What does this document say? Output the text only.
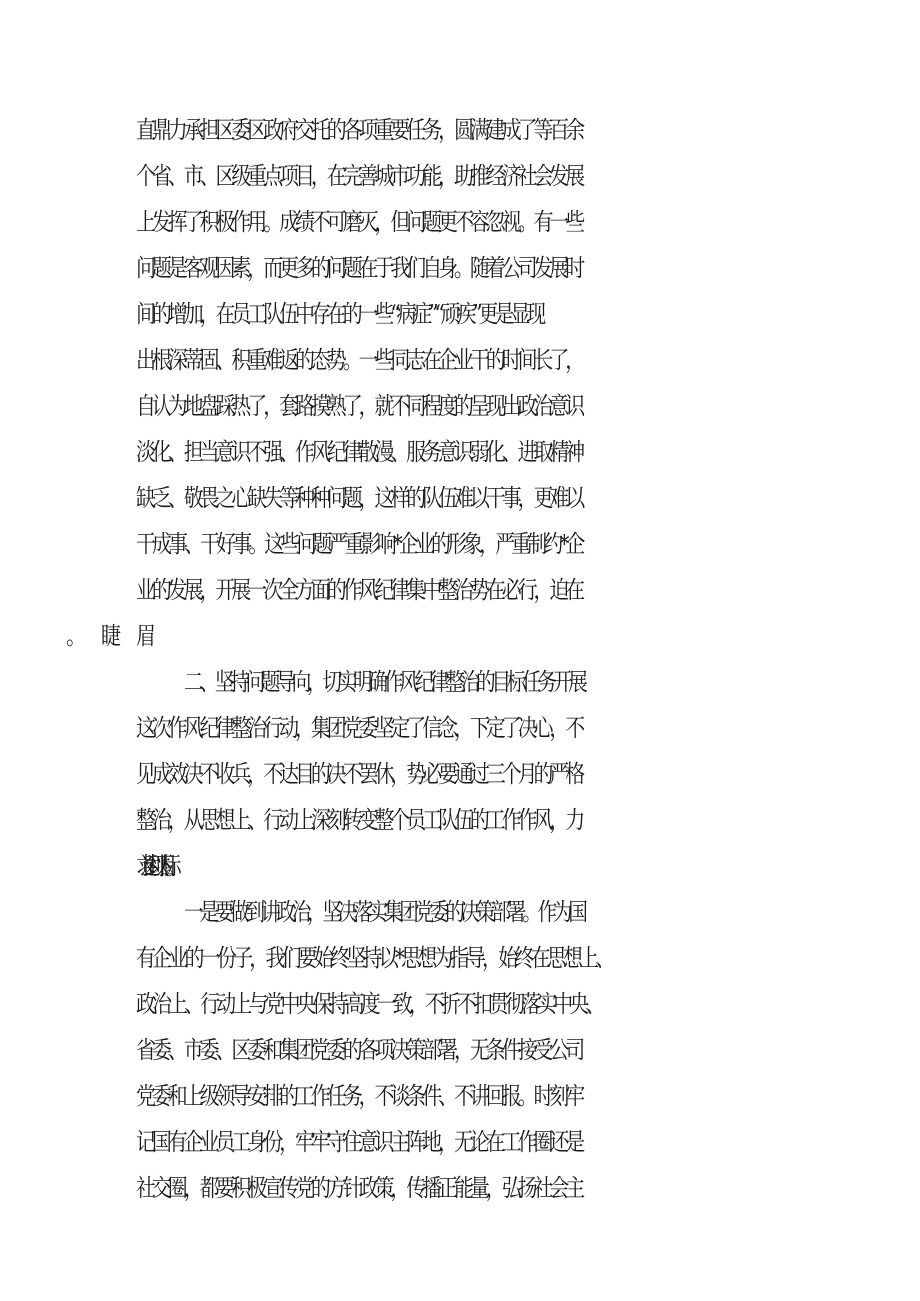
直鼎力承担区委区政府交托的各项重要任务，圆满建成了等百余
个省、市、区级重点项目，在完善城市功能，助推经济社会发展
上发挥了积极作用。成绩不可磨灭，但问题更不容忽视。有一些
问题是客观因素，而更多的问题在于我们自身。随着公司发展时
间的增加，在员工队伍中存在的一些“病症”“顽疾”更是显现
出根深蒂固、积重难返的态势。一些同志在企业干的时间长了，
自认为地盘踩热了，套路摸熟了，就不同程度的呈现出政治意识
淡化、担当意识不强、作风纪律散漫、服务意识弱化、进取精神
缺乏、敬畏之心缺失等种种问题，这样的队伍难以干事，更难以
干成事、干好事。这些问题严重影响*企业的形象，严重制约*企
业的发展，开展一次全方面的作风纪律集中整治势在必行，迫在
二、坚持问题导向，切实明确作风纪律整治的目标任务开展
这次作风纪律整治行动，集团党委坚定了信念，下定了决心，不
见成效决不收兵，不达目的决不罢休，势必要通过三个月的严格
整治，从思想上、行动上深刻转变整个员工队伍的工作作风，力
求达到以下目标。
一是要做到讲政治，坚决落实集团党委的决策部署。作为国
有企业的一份子，我们要始终坚持以*思想为指导，始终在思想上、
政治上、行动上与党中央保持高度一致，不折不扣贯彻落实中央、
省委、市委、区委和集团党委的各项决策部署，无条件接受公司
党委和上级领导安排的工作任务，不谈条件、不讲回报。时刻牢
记国有企业员工身份，牢牢守住意识主阵地，无论在工作圈还是
社交圈，都要积极宣传党的方针政策，传播正能量，弘扬社会主
